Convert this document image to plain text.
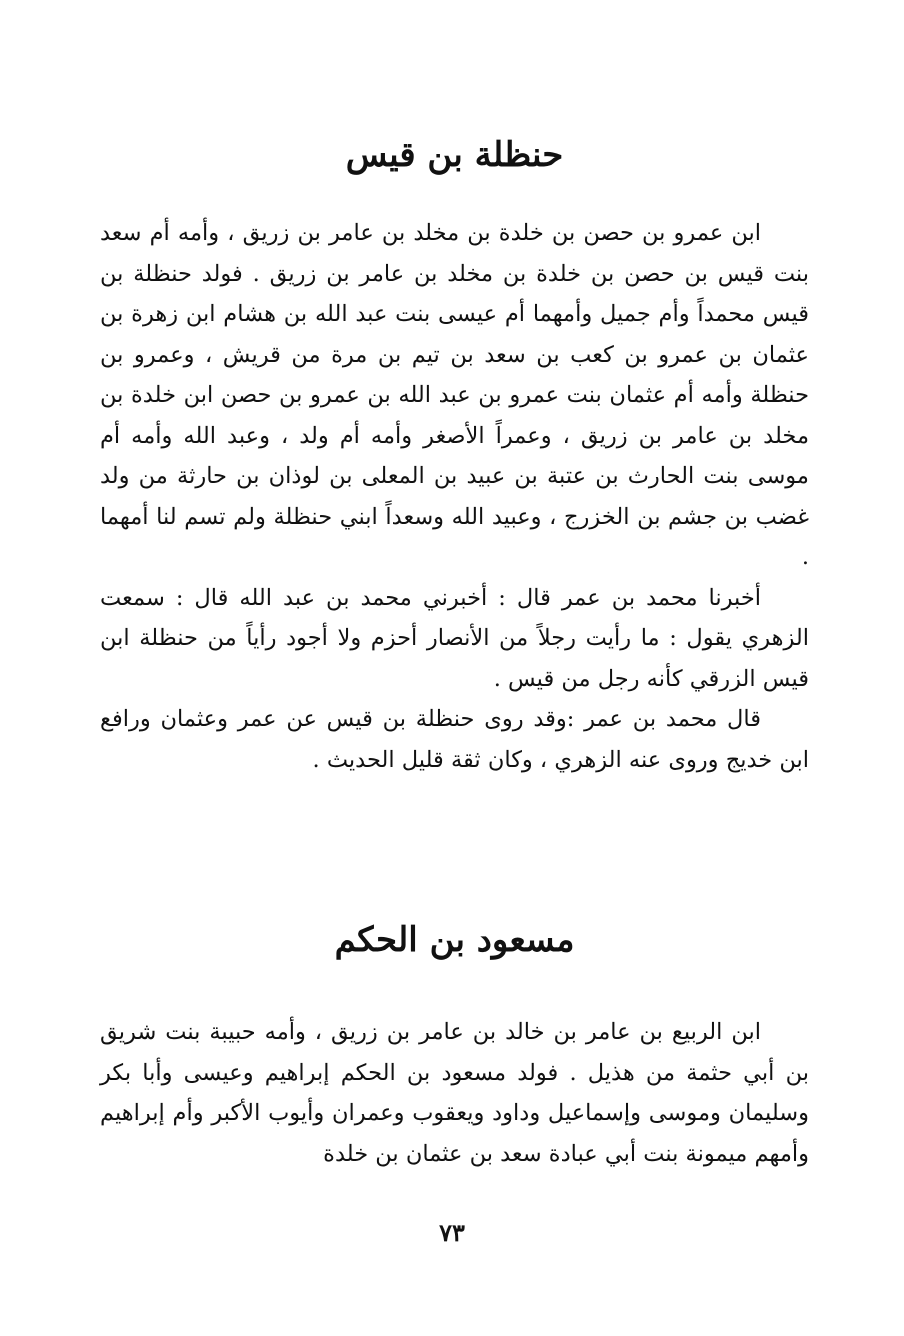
حنظلة بن قيس

ابن عمرو بن حصن بن خلدة بن مخلد بن عامر بن زريق ، وأمه أم سعد بنت قيس بن حصن بن خلدة بن مخلد بن عامر بن زريق . فولد حنظلة بن قيس محمداً وأم جميل وأمهما أم عيسى بنت عبد الله بن هشام ابن زهرة بن عثمان بن عمرو بن كعب بن سعد بن تيم بن مرة من قريش ، وعمرو بن حنظلة وأمه أم عثمان بنت عمرو بن عبد الله بن عمرو بن حصن ابن خلدة بن مخلد بن عامر بن زريق ، وعمراً الأصغر وأمه أم ولد ، وعبد الله وأمه أم موسى بنت الحارث بن عتبة بن عبيد بن المعلى بن لوذان بن حارثة من ولد غضب بن جشم بن الخزرج ، وعبيد الله وسعداً ابني حنظلة ولم تسم لنا أمهما .

أخبرنا محمد بن عمر قال : أخبرني محمد بن عبد الله قال : سمعت الزهري يقول : ما رأيت رجلاً من الأنصار أحزم ولا أجود رأياً من حنظلة ابن قيس الزرقي كأنه رجل من قيس .

قال محمد بن عمر :وقد روى حنظلة بن قيس عن عمر وعثمان ورافع ابن خديج وروى عنه الزهري ، وكان ثقة قليل الحديث .

مسعود بن الحكم

ابن الربيع بن عامر بن خالد بن عامر بن زريق ، وأمه حبيبة بنت شريق بن أبي حثمة من هذيل . فولد مسعود بن الحكم إبراهيم وعيسى وأبا بكر وسليمان وموسى وإسماعيل وداود ويعقوب وعمران وأيوب الأكبر وأم إبراهيم وأمهم ميمونة بنت أبي عبادة سعد بن عثمان بن خلدة

٧٣
